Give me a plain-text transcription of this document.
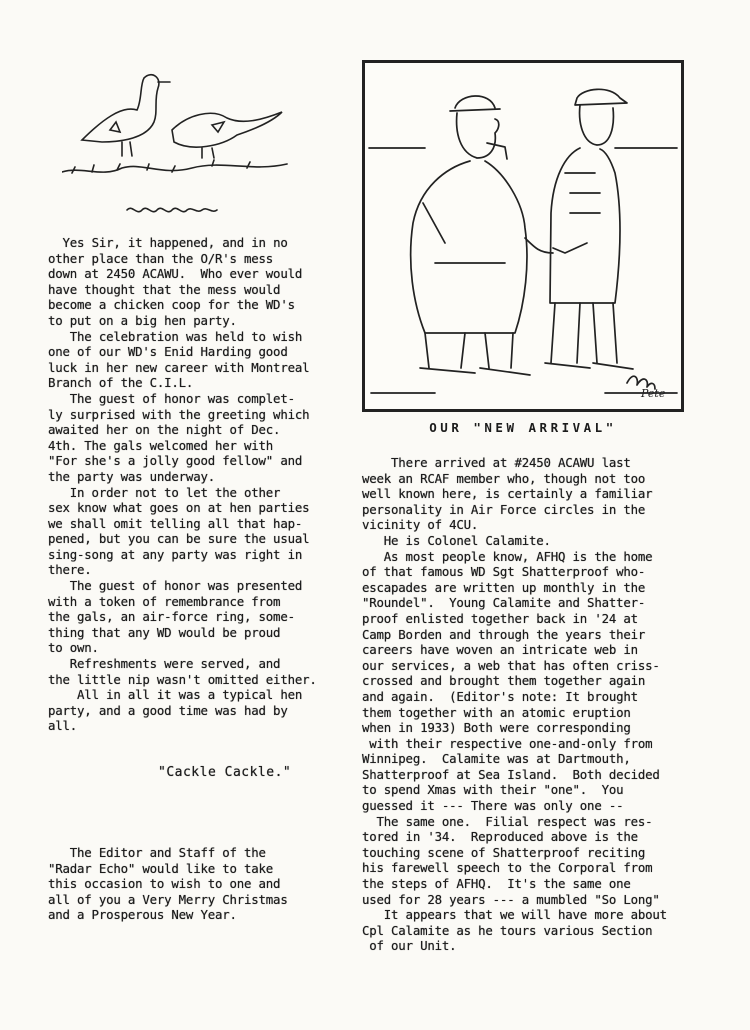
Yes Sir, it happened, and in no
other place than the O/R's mess
down at 2450 ACAWU.  Who ever would
have thought that the mess would
become a chicken coop for the WD's
to put on a big hen party.

The celebration was held to wish
one of our WD's Enid Harding good
luck in her new career with Montreal
Branch of the C.I.L.

The guest of honor was complet-
ly surprised with the greeting which
awaited her on the night of Dec.
4th. The gals welcomed her with
"For she's a jolly good fellow" and
the party was underway.

In order not to let the other
sex know what goes on at hen parties
we shall omit telling all that hap-
pened, but you can be sure the usual
sing-song at any party was right in
there.

The guest of honor was presented
with a token of remembrance from
the gals, an air-force ring, some-
thing that any WD would be proud
to own.

Refreshments were served, and
the little nip wasn't omitted either.

All in all it was a typical hen
party, and a good time was had by
all.

"Cackle Cackle."

The Editor and Staff of the
"Radar Echo" would like to take
this occasion to wish to one and
all of you a Very Merry Christmas
and a Prosperous New Year.

Pete
OUR "NEW ARRIVAL"

There arrived at #2450 ACAWU last
week an RCAF member who, though not too
well known here, is certainly a familiar
personality in Air Force circles in the
vicinity of 4CU.

He is Colonel Calamite.

As most people know, AFHQ is the home
of that famous WD Sgt Shatterproof who-
escapades are written up monthly in the
"Roundel".  Young Calamite and Shatter-
proof enlisted together back in '24 at
Camp Borden and through the years their
careers have woven an intricate web in
our services, a web that has often criss-
crossed and brought them together again
and again.  (Editor's note: It brought
them together with an atomic eruption
when in 1933) Both were corresponding
with their respective one-and-only from
Winnipeg.  Calamite was at Dartmouth,
Shatterproof at Sea Island.  Both decided
to spend Xmas with their "one".  You
guessed it --- There was only one --

The same one.  Filial respect was res-
tored in '34.  Reproduced above is the
touching scene of Shatterproof reciting
his farewell speech to the Corporal from
the steps of AFHQ.  It's the same one
used for 28 years --- a mumbled "So Long"

It appears that we will have more about
Cpl Calamite as he tours various Section
of our Unit.
